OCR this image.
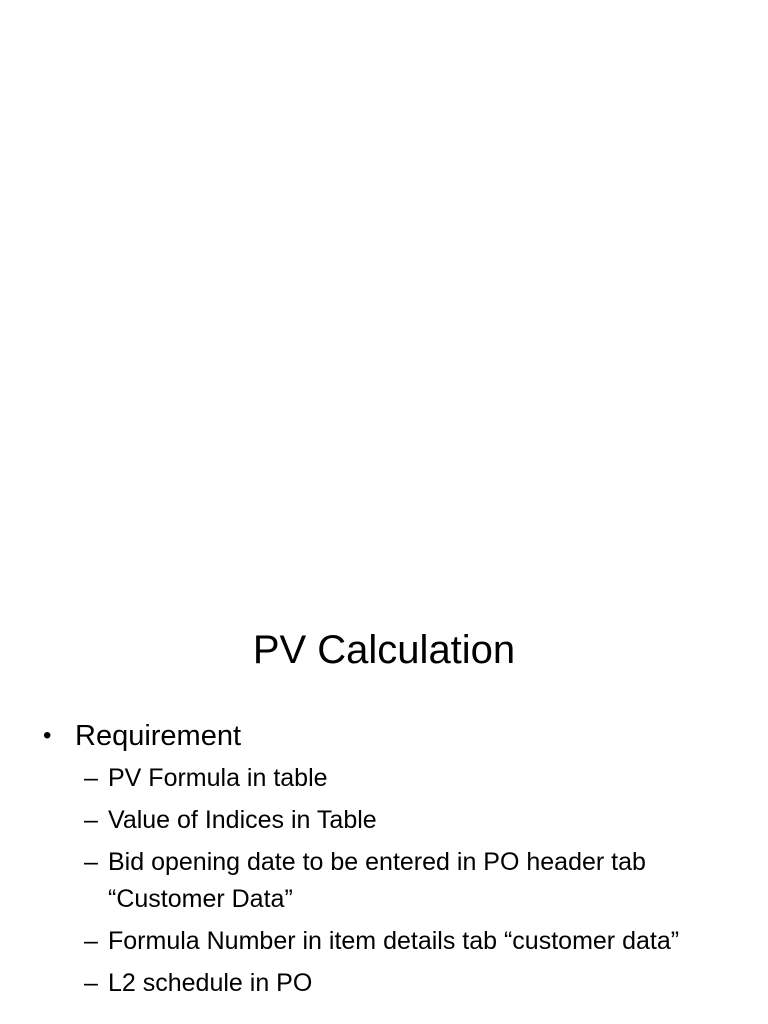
PV Calculation
• Requirement
– PV Formula in table
– Value of Indices in Table
– Bid opening date to be entered in PO header tab “Customer Data”
– Formula Number in item details tab “customer data”
– L2 schedule in PO
